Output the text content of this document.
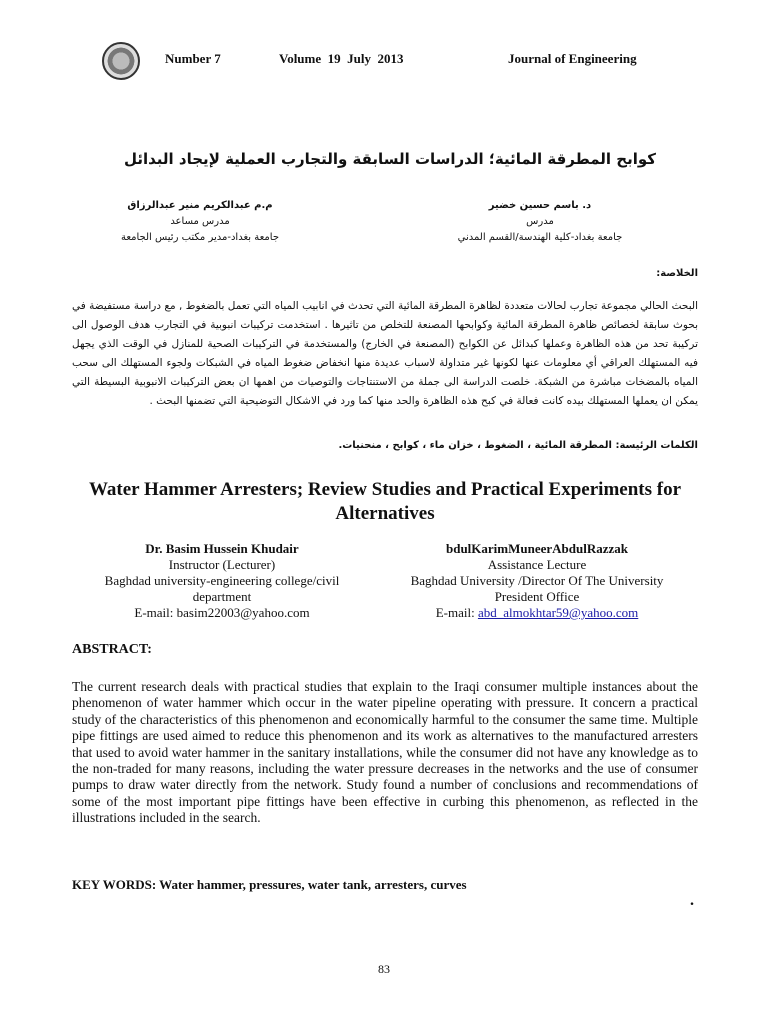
Number 7	Volume  19  July  2013	Journal of Engineering
كوابح المطرقة المائية؛ الدراسات السابقة والتجارب العملية لإيجاد البدائل
د. باسم حسين خضير
مدرس
جامعة بغداد-كلية الهندسة/القسم المدني
م.م عبدالكريم منير عبدالرزاق
مدرس مساعد
جامعة بغداد-مدير مكتب رئيس الجامعة
الخلاصة:
البحث الحالي مجموعة تجارب لحالات متعددة لظاهرة المطرقة المائية التي تحدث في انابيب المياه التي تعمل بالضغوط , مع دراسة مستفيضة في بحوث سابقة لخصائص ظاهرة المطرقة المائية وكوابحها المصنعة للتخلص من تاثيرها . استخدمت تركيبات انبوبية في التجارب هدف الوصول الى تركيبة تحد من هذه الظاهرة وعملها كبدائل عن الكوابح (المصنعة في الخارج) والمستخدمة في التركيبات الصحية للمنازل في الوقت الذي يجهل فيه المستهلك العراقي أي معلومات عنها لكونها غير متداولة لاسباب عديدة منها انخفاض ضغوط المياه في الشبكات ولجوء المستهلك الى سحب المياه بالمضخات مباشرة من الشبكة. خلصت الدراسة الى جملة من الاستنتاجات والتوصيات من اهمها ان بعض التركيبات الانبوبية البسيطة التي يمكن ان يعملها المستهلك بيده كانت فعالة في كبح هذه الظاهرة والحد منها كما ورد في الاشكال التوضيحية التي تضمنها البحث .
الكلمات الرئيسة: المطرقة المائية ، الضغوط ، خزان ماء ، كوابح ، منحنيات.
Water Hammer Arresters; Review Studies and Practical Experiments for Alternatives
Dr. Basim Hussein Khudair
Instructor (Lecturer)
Baghdad university-engineering college/civil
department
E-mail: basim22003@yahoo.com
bdulKarimMuneerAbdulRazzak
Assistance Lecture
Baghdad University /Director Of The University
President Office
E-mail: abd_almokhtar59@yahoo.com
ABSTRACT:
The current research deals with practical studies that explain to the Iraqi consumer multiple instances about the phenomenon of water hammer which occur in the water pipeline operating with pressure. It concern a practical study of the characteristics of this phenomenon and economically harmful to the consumer the same time. Multiple pipe fittings are used aimed to reduce this phenomenon and its work as alternatives to the manufactured arresters that used to avoid water hammer in the sanitary installations, while the consumer did not have any knowledge as to the non-traded for many reasons, including the water pressure decreases in the networks and the use of consumer pumps to draw water directly from the network. Study found a number of conclusions and recommendations of some of the most important pipe fittings have been effective in curbing this phenomenon, as reflected in the illustrations included in the search.
KEY WORDS: Water hammer, pressures, water tank, arresters, curves
.
83
